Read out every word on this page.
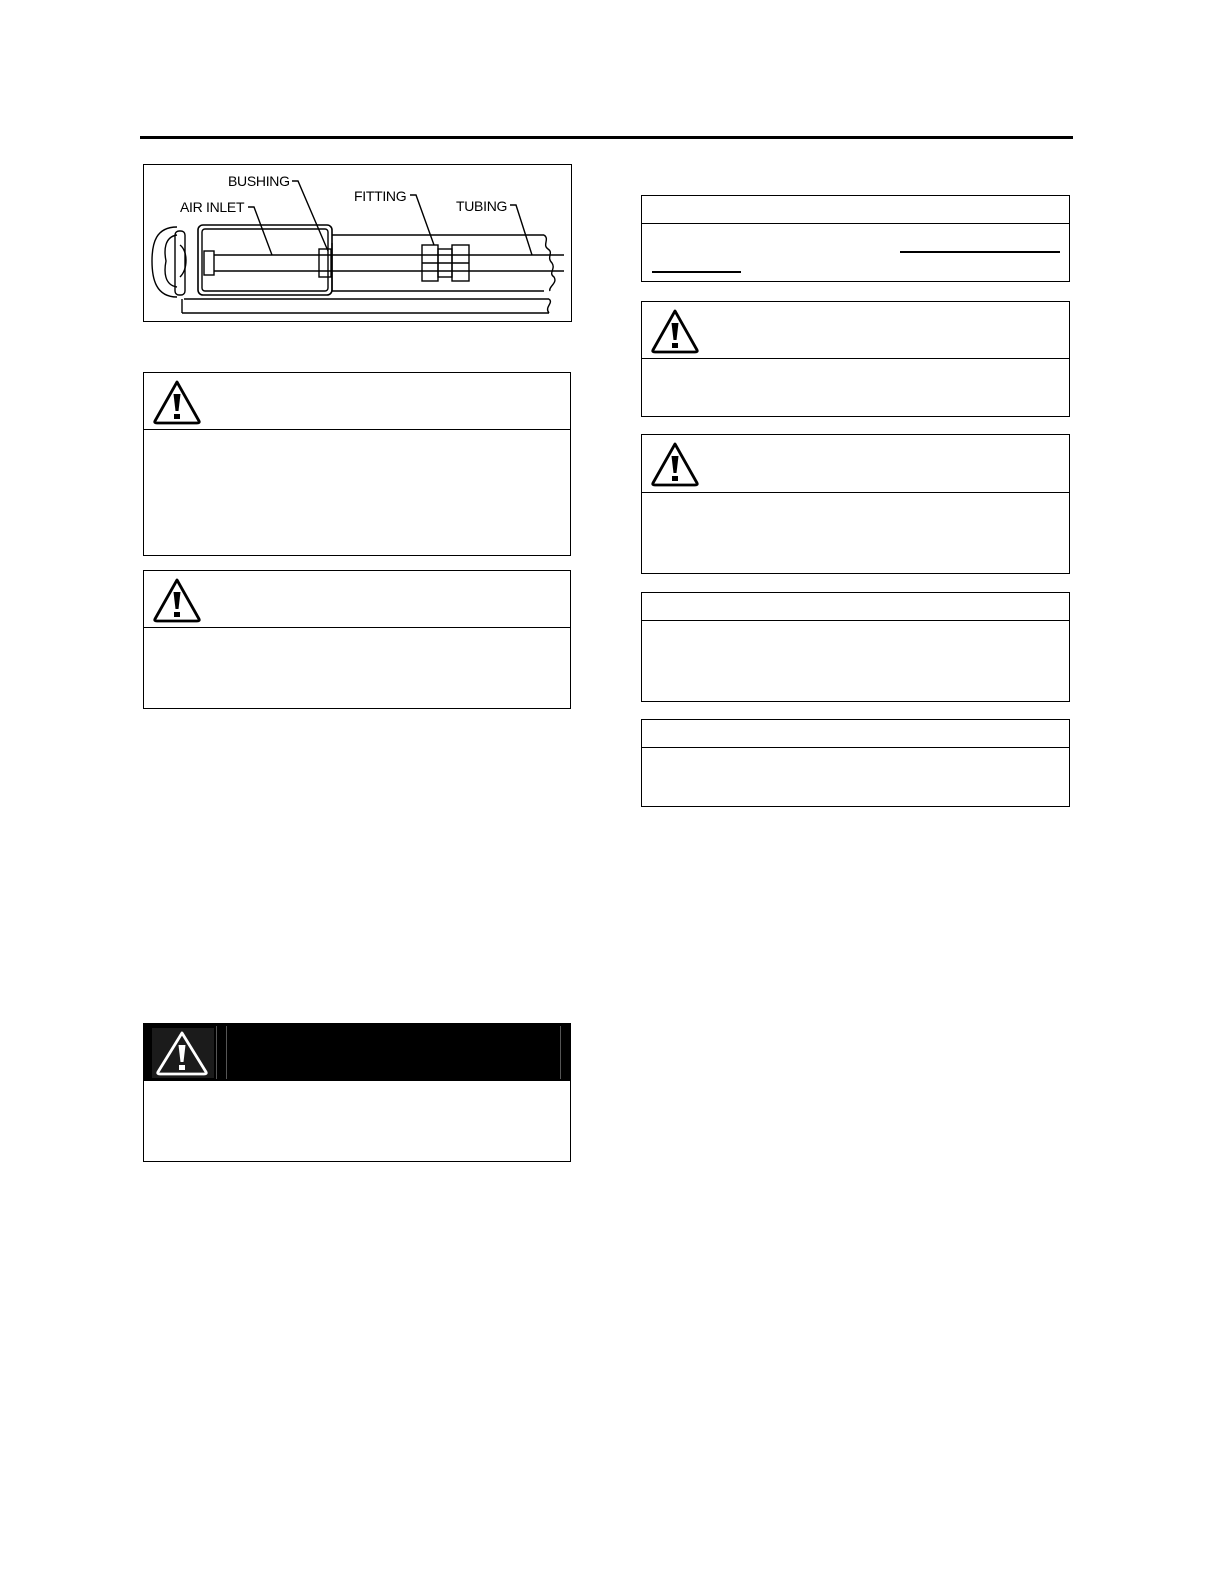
BUSHING
AIR INLET
FITTING
TUBING
